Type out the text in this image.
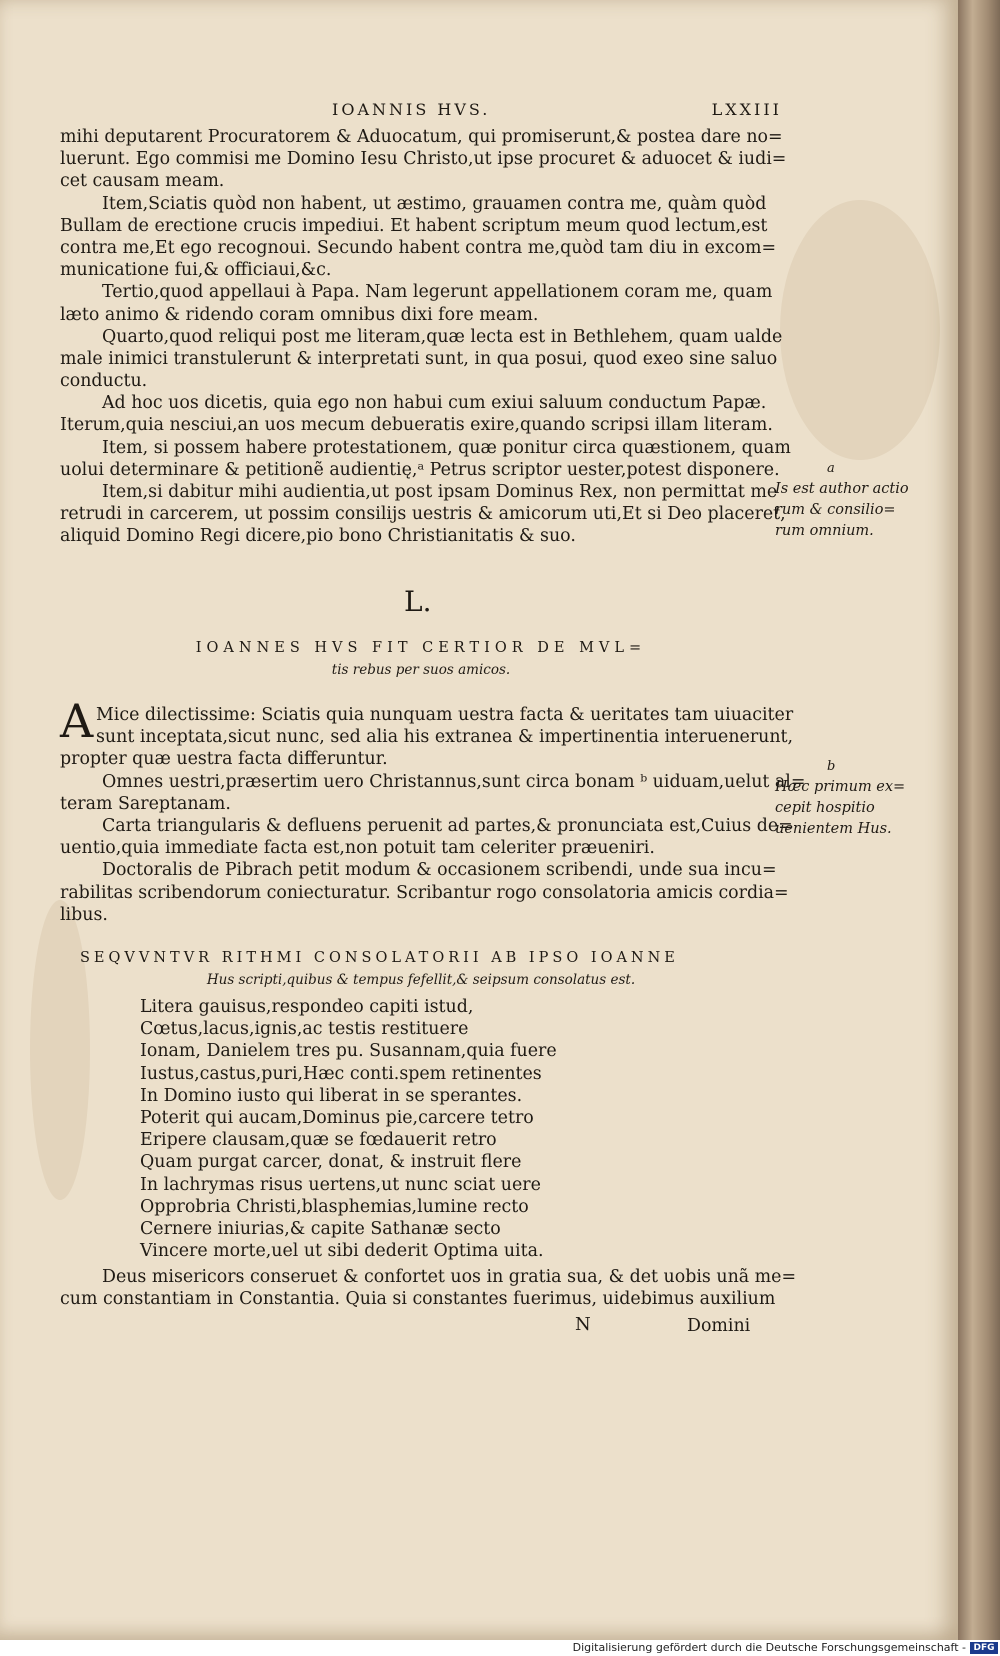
IOANNIS HVS.	LXXIII
mihi deputarent Procuratorem & Aduocatum, qui promiserunt,& postea dare no=
luerunt. Ego commisi me Domino Iesu Christo,ut ipse procuret & aduocet & iudi=
cet causam meam.
Item,Sciatis quòd non habent, ut æstimo, grauamen contra me, quàm quòd
Bullam de erectione crucis impediui. Et habent scriptum meum quod lectum,est
contra me,Et ego recognoui. Secundo habent contra me,quòd tam diu in excom=
municatione fui,& officiaui,&c.
Tertio,quod appellaui à Papa. Nam legerunt appellationem coram me, quam
læto animo & ridendo coram omnibus dixi fore meam.
Quarto,quod reliqui post me literam,quæ lecta est in Bethlehem, quam ualde
male inimici transtulerunt & interpretati sunt, in qua posui, quod exeo sine saluo
conductu.
Ad hoc uos dicetis, quia ego non habui cum exiui saluum conductum Papæ.
Iterum,quia nesciui,an uos mecum debueratis exire,quando scripsi illam literam.
Item, si possem habere protestationem, quæ ponitur circa quæstionem, quam
uolui determinare & petitionẽ audientię,ᵃ Petrus scriptor uester,potest disponere.
Item,si dabitur mihi audientia,ut post ipsam Dominus Rex, non permittat me
retrudi in carcerem, ut possim consilijs uestris & amicorum uti,Et si Deo placeret,
aliquid Domino Regi dicere,pio bono Christianitatis & suo.
a
Is est author actio
rum & consilio=
rum omnium.
L.
IOANNES HVS FIT CERTIOR DE MVL=
tis rebus per suos amicos.
A Mice dilectissime: Sciatis quia nunquam uestra facta & ueritates tam uiuaciter
sunt inceptata,sicut nunc, sed alia his extranea & impertinentia interuenerunt,
propter quæ uestra facta differuntur.
Omnes uestri,præsertim uero Christannus,sunt circa bonam ᵇ uiduam,uelut al=
teram Sareptanam.
Carta triangularis & defluens peruenit ad partes,& pronunciata est,Cuius de=
uentio,quia immediate facta est,non potuit tam celeriter præueniri.
Doctoralis de Pibrach petit modum & occasionem scribendi, unde sua incu=
rabilitas scribendorum coniecturatur. Scribantur rogo consolatoria amicis cordia=
libus.
b
Hæc primum ex=
cepit hospitio
uenientem Hus.
SEQVVNTVR RITHMI CONSOLATORII AB IPSO IOANNE
Hus scripti,quibus & tempus fefellit,& seipsum consolatus est.
Litera gauisus,respondeo capiti istud,
Cœtus,lacus,ignis,ac testis restituere
Ionam, Danielem tres pu. Susannam,quia fuere
Iustus,castus,puri,Hæc conti.spem retinentes
In Domino iusto qui liberat in se sperantes.
Poterit qui aucam,Dominus pie,carcere tetro
Eripere clausam,quæ se fœdauerit retro
Quam purgat carcer, donat, & instruit flere
In lachrymas risus uertens,ut nunc sciat uere
Opprobria Christi,blasphemias,lumine recto
Cernere iniurias,& capite Sathanæ secto
Vincere morte,uel ut sibi dederit Optima uita.
Deus misericors conseruet & confortet uos in gratia sua, & det uobis unã me=
cum constantiam in Constantia. Quia si constantes fuerimus, uidebimus auxilium
N	Domini
Digitalisierung gefördert durch die Deutsche Forschungsgemeinschaft - DFG
